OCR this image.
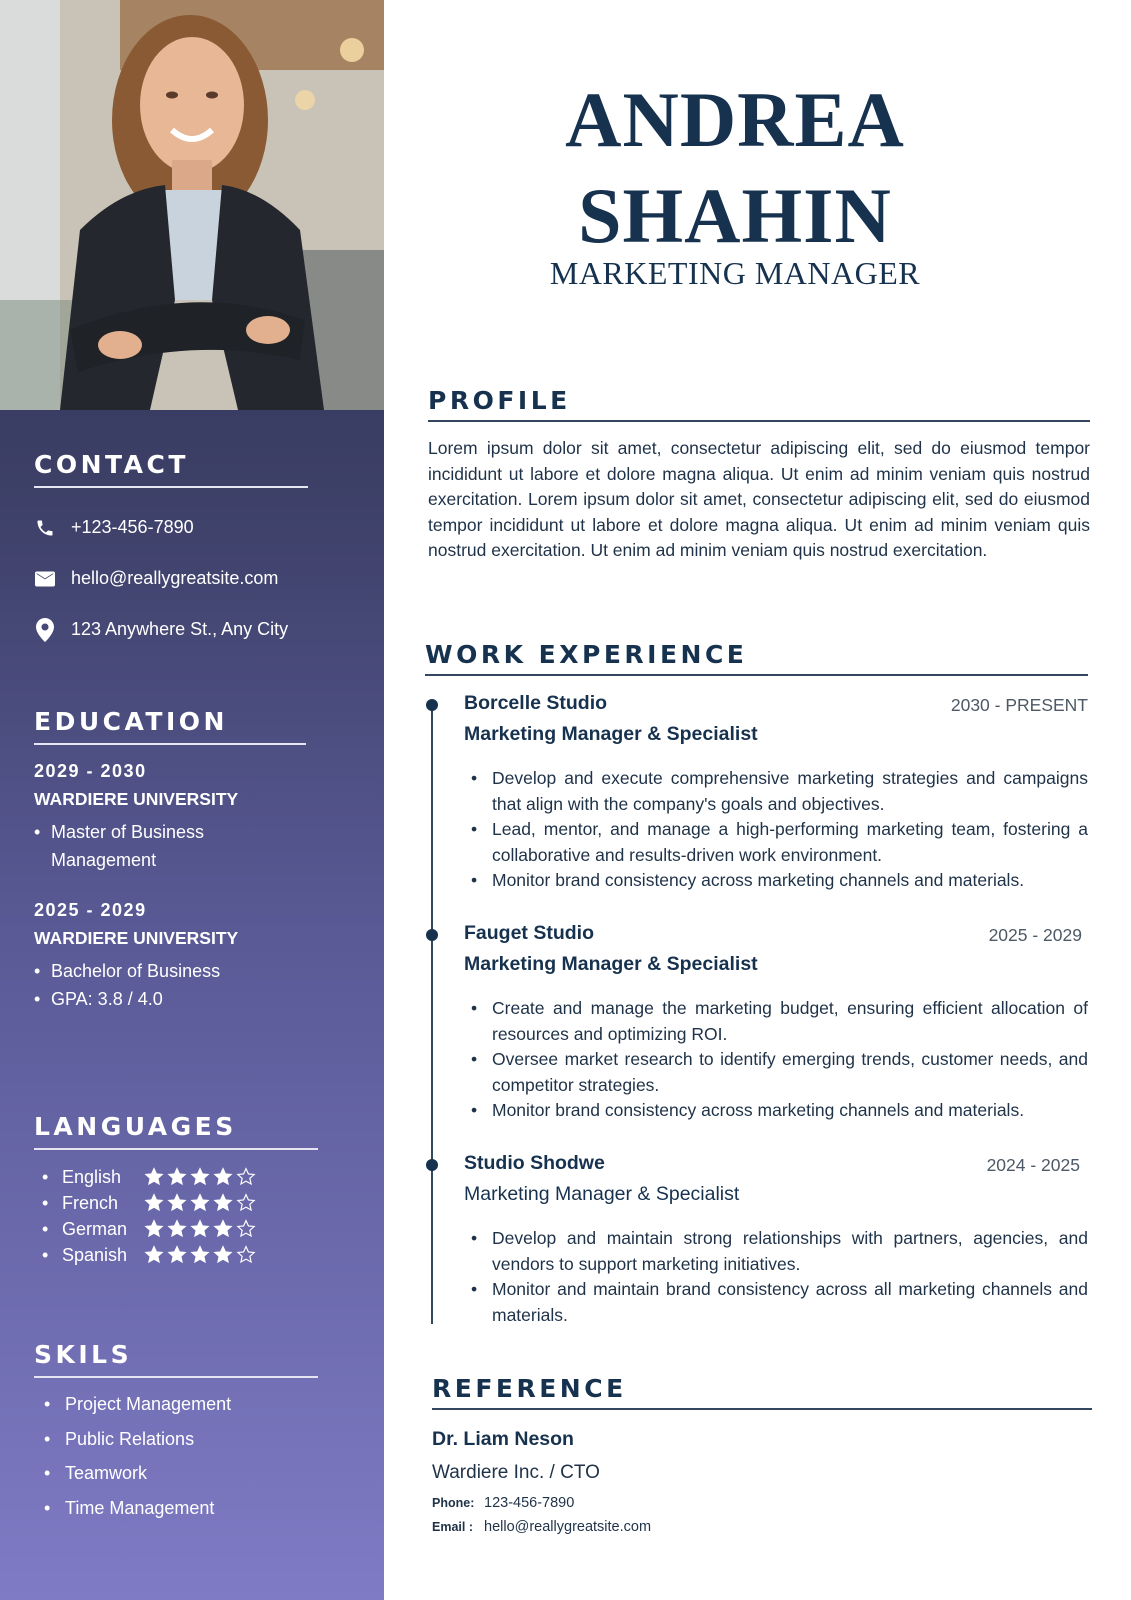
CONTACT
+123-456-7890
hello@reallygreatsite.com
123 Anywhere St., Any City
EDUCATION
2029 - 2030
WARDIERE UNIVERSITY
• Master of Business Management
2025 - 2029
WARDIERE UNIVERSITY
• Bachelor of Business
• GPA: 3.8 / 4.0
LANGUAGES
• English
• French
• German
• Spanish
SKILS
• Project Management
• Public Relations
• Teamwork
• Time Management
ANDREA
SHAHIN
MARKETING MANAGER
PROFILE

Lorem ipsum dolor sit amet, consectetur adipiscing elit, sed do eiusmod tempor incididunt ut labore et dolore magna aliqua. Ut enim ad minim veniam quis nostrud exercitation. Lorem ipsum dolor sit amet, consectetur adipiscing elit, sed do eiusmod tempor incididunt ut labore et dolore magna aliqua. Ut enim ad minim veniam quis nostrud exercitation. Ut enim ad minim veniam quis nostrud exercitation.

WORK EXPERIENCE
Borcelle Studio	2030 - PRESENT
Marketing Manager & Specialist
• Develop and execute comprehensive marketing strategies and campaigns that align with the company's goals and objectives.
• Lead, mentor, and manage a high-performing marketing team, fostering a collaborative and results-driven work environment.
• Monitor brand consistency across marketing channels and materials.
Fauget Studio	2025 - 2029
Marketing Manager & Specialist
• Create and manage the marketing budget, ensuring efficient allocation of resources and optimizing ROI.
• Oversee market research to identify emerging trends, customer needs, and competitor strategies.
• Monitor brand consistency across marketing channels and materials.
Studio Shodwe	2024 - 2025
Marketing Manager & Specialist
• Develop and maintain strong relationships with partners, agencies, and vendors to support marketing initiatives.
• Monitor and maintain brand consistency across all marketing channels and materials.
REFERENCE
Dr. Liam Neson
Wardiere Inc. / CTO
Phone: 123-456-7890
Email : hello@reallygreatsite.com
